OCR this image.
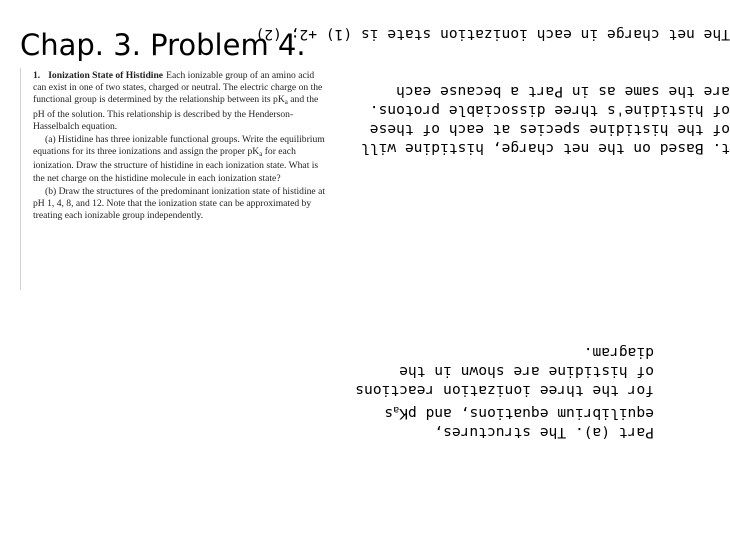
Chap. 3. Problem 4.

1. Ionization State of Histidine Each ionizable group of an amino acid can exist in one of two states, charged or neutral. The electric charge on the functional group is determined by the relationship between its $pK_a$ and the pH of the solution. This relationship is described by the Henderson-Hasselbalch equation.

(a) Histidine has three ionizable functional groups. Write the equilibrium equations for its three ionizations and assign the proper $pK_a$ for each ionization. Draw the structure of histidine in each ionization state. What is the net charge on the histidine molecule in each ionization state?

(b) Draw the structures of the predominant ionization state of histidine at pH 1, 4, 8, and 12. Note that the ionization state can be approximated by treating each ionizable group independently.

t. Based on the net charge, histidine will
of the histidine species at each of these
of histidine's three dissociable protons.
are the same as in Part a because each
The net charge in each ionization state is (1) +2; (2)
Part (a). The structures,
equilibrium equations, and $pK_as$
for the three ionization reactions
of histidine are shown in the
diagram.
